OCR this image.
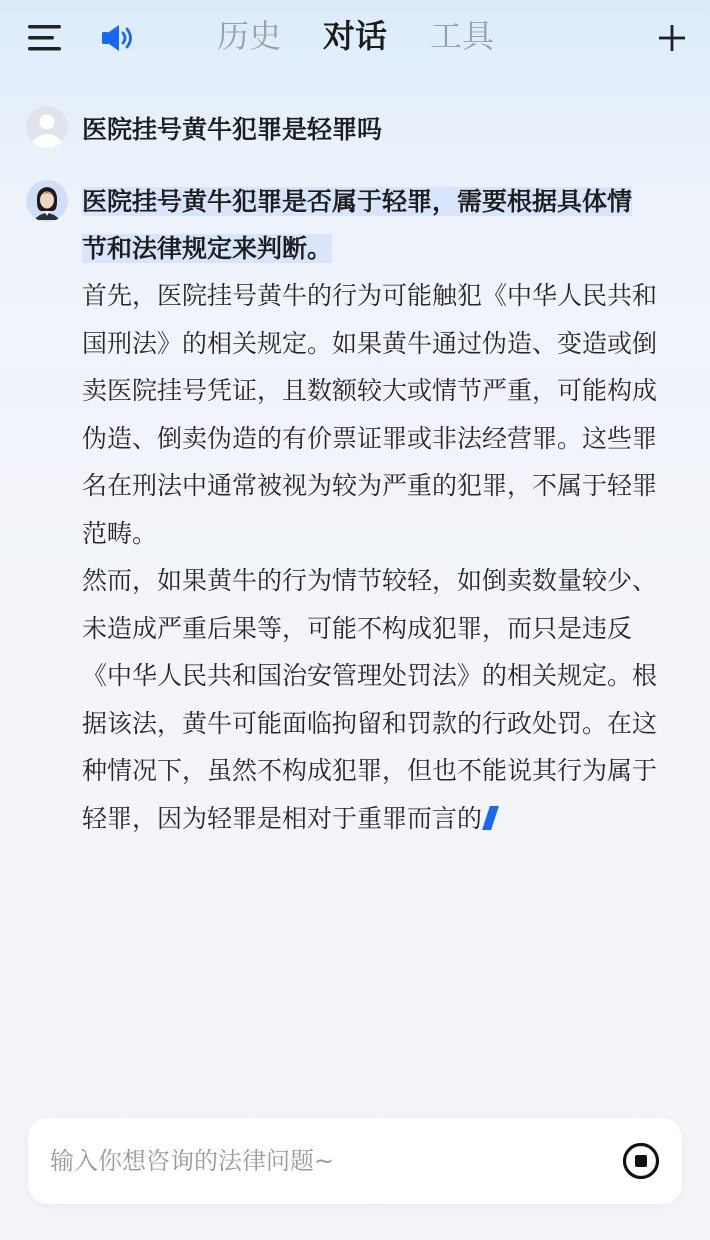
历史 对话 工具
医院挂号黄牛犯罪是轻罪吗
医院挂号黄牛犯罪是否属于轻罪，需要根据具体情
节和法律规定来判断。
首先，医院挂号黄牛的行为可能触犯《中华人民共和国刑法》的相关规定。如果黄牛通过伪造、变造或倒卖医院挂号凭证，且数额较大或情节严重，可能构成伪造、倒卖伪造的有价票证罪或非法经营罪。这些罪名在刑法中通常被视为较为严重的犯罪，不属于轻罪范畴。
然而，如果黄牛的行为情节较轻，如倒卖数量较少、未造成严重后果等，可能不构成犯罪，而只是违反《中华人民共和国治安管理处罚法》的相关规定。根据该法，黄牛可能面临拘留和罚款的行政处罚。在这种情况下，虽然不构成犯罪，但也不能说其行为属于轻罪，因为轻罪是相对于重罪而言的
输入你想咨询的法律问题~
